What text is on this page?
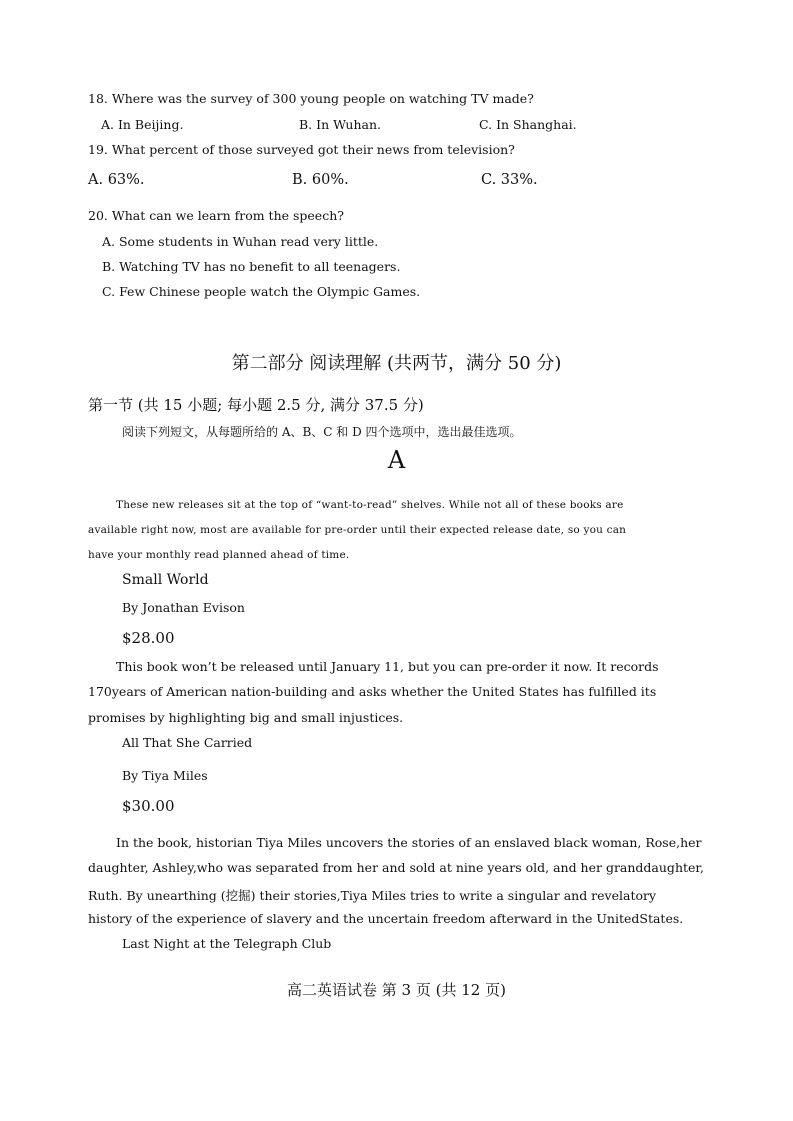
18. Where was the survey of 300 young people on watching TV made?
A. In Beijing.	B. In Wuhan.	C. In Shanghai.
19. What percent of those surveyed got their news from television?
A. 63%.	B. 60%.	C. 33%.
20. What can we learn from the speech?
A. Some students in Wuhan read very little.
B. Watching TV has no benefit to all teenagers.
C. Few Chinese people watch the Olympic Games.
第二部分 阅读理解 (共两节，满分 50 分)
第一节 (共 15 小题; 每小题 2.5 分, 满分 37.5 分)
阅读下列短文，从每题所给的 A、B、C 和 D 四个选项中，选出最佳选项。
A
These new releases sit at the top of “want-to-read” shelves. While not all of these books are
available right now, most are available for pre-order until their expected release date, so you can
have your monthly read planned ahead of time.
Small World
By Jonathan Evison
$28.00
This book won’t be released until January 11, but you can pre-order it now. It records
170years of American nation-building and asks whether the United States has fulfilled its
promises by highlighting big and small injustices.
All That She Carried
By Tiya Miles
$30.00
In the book, historian Tiya Miles uncovers the stories of an enslaved black woman, Rose,her
daughter, Ashley,who was separated from her and sold at nine years old, and her granddaughter,
Ruth. By unearthing (挖掘) their stories,Tiya Miles tries to write a singular and revelatory
history of the experience of slavery and the uncertain freedom afterward in the UnitedStates.
Last Night at the Telegraph Club
高二英语试卷 第 3 页 (共 12 页)
